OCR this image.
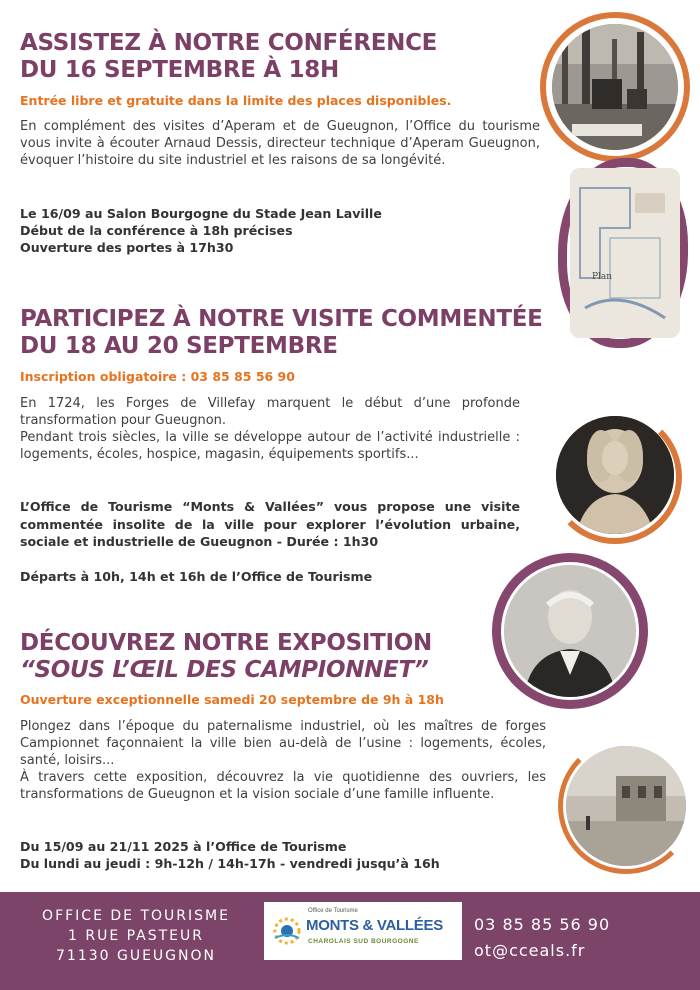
Plan
ASSISTEZ À NOTRE CONFÉRENCE
DU 16 SEPTEMBRE À 18H
Entrée libre et gratuite dans la limite des places disponibles.
En complément des visites d’Aperam et de Gueugnon, l’Office du tourisme vous invite à écouter Arnaud Dessis, directeur technique d’Aperam Gueugnon, évoquer l’histoire du site industriel et les raisons de sa longévité.
Le 16/09 au Salon Bourgogne du Stade Jean Laville
Début de la conférence à 18h précises
Ouverture des portes à 17h30
PARTICIPEZ À NOTRE VISITE COMMENTÉE
DU 18 AU 20 SEPTEMBRE
Inscription obligatoire : 03 85 85 56 90

En 1724, les Forges de Villefay marquent le début d’une profonde transformation pour Gueugnon.

Pendant trois siècles, la ville se développe autour de l’activité industrielle : logements, écoles, hospice, magasin, équipements sportifs...

L’Office de Tourisme “Monts & Vallées” vous propose une visite commentée insolite de la ville pour explorer l’évolution urbaine, sociale et industrielle de Gueugnon - Durée : 1h30
Départs à 10h, 14h et 16h de l’Office de Tourisme
DÉCOUVREZ NOTRE EXPOSITION
“SOUS L’ŒIL DES CAMPIONNET”
Ouverture exceptionnelle samedi 20 septembre de 9h à 18h

Plongez dans l’époque du paternalisme industriel, où les maîtres de forges Campionnet façonnaient la ville bien au-delà de l’usine : logements, écoles, santé, loisirs...

À travers cette exposition, découvrez la vie quotidienne des ouvriers, les transformations de Gueugnon et la vision sociale d’une famille influente.

Du 15/09 au 21/11 2025 à l’Office de Tourisme
Du lundi au jeudi : 9h-12h / 14h-17h - vendredi jusqu’à 16h
OFFICE DE TOURISME
1 RUE PASTEUR
71130 GUEUGNON
Office de Tourisme
MONTS & VALLÉES
CHAROLAIS SUD BOURGOGNE
03 85 85 56 90
ot@cceals.fr
